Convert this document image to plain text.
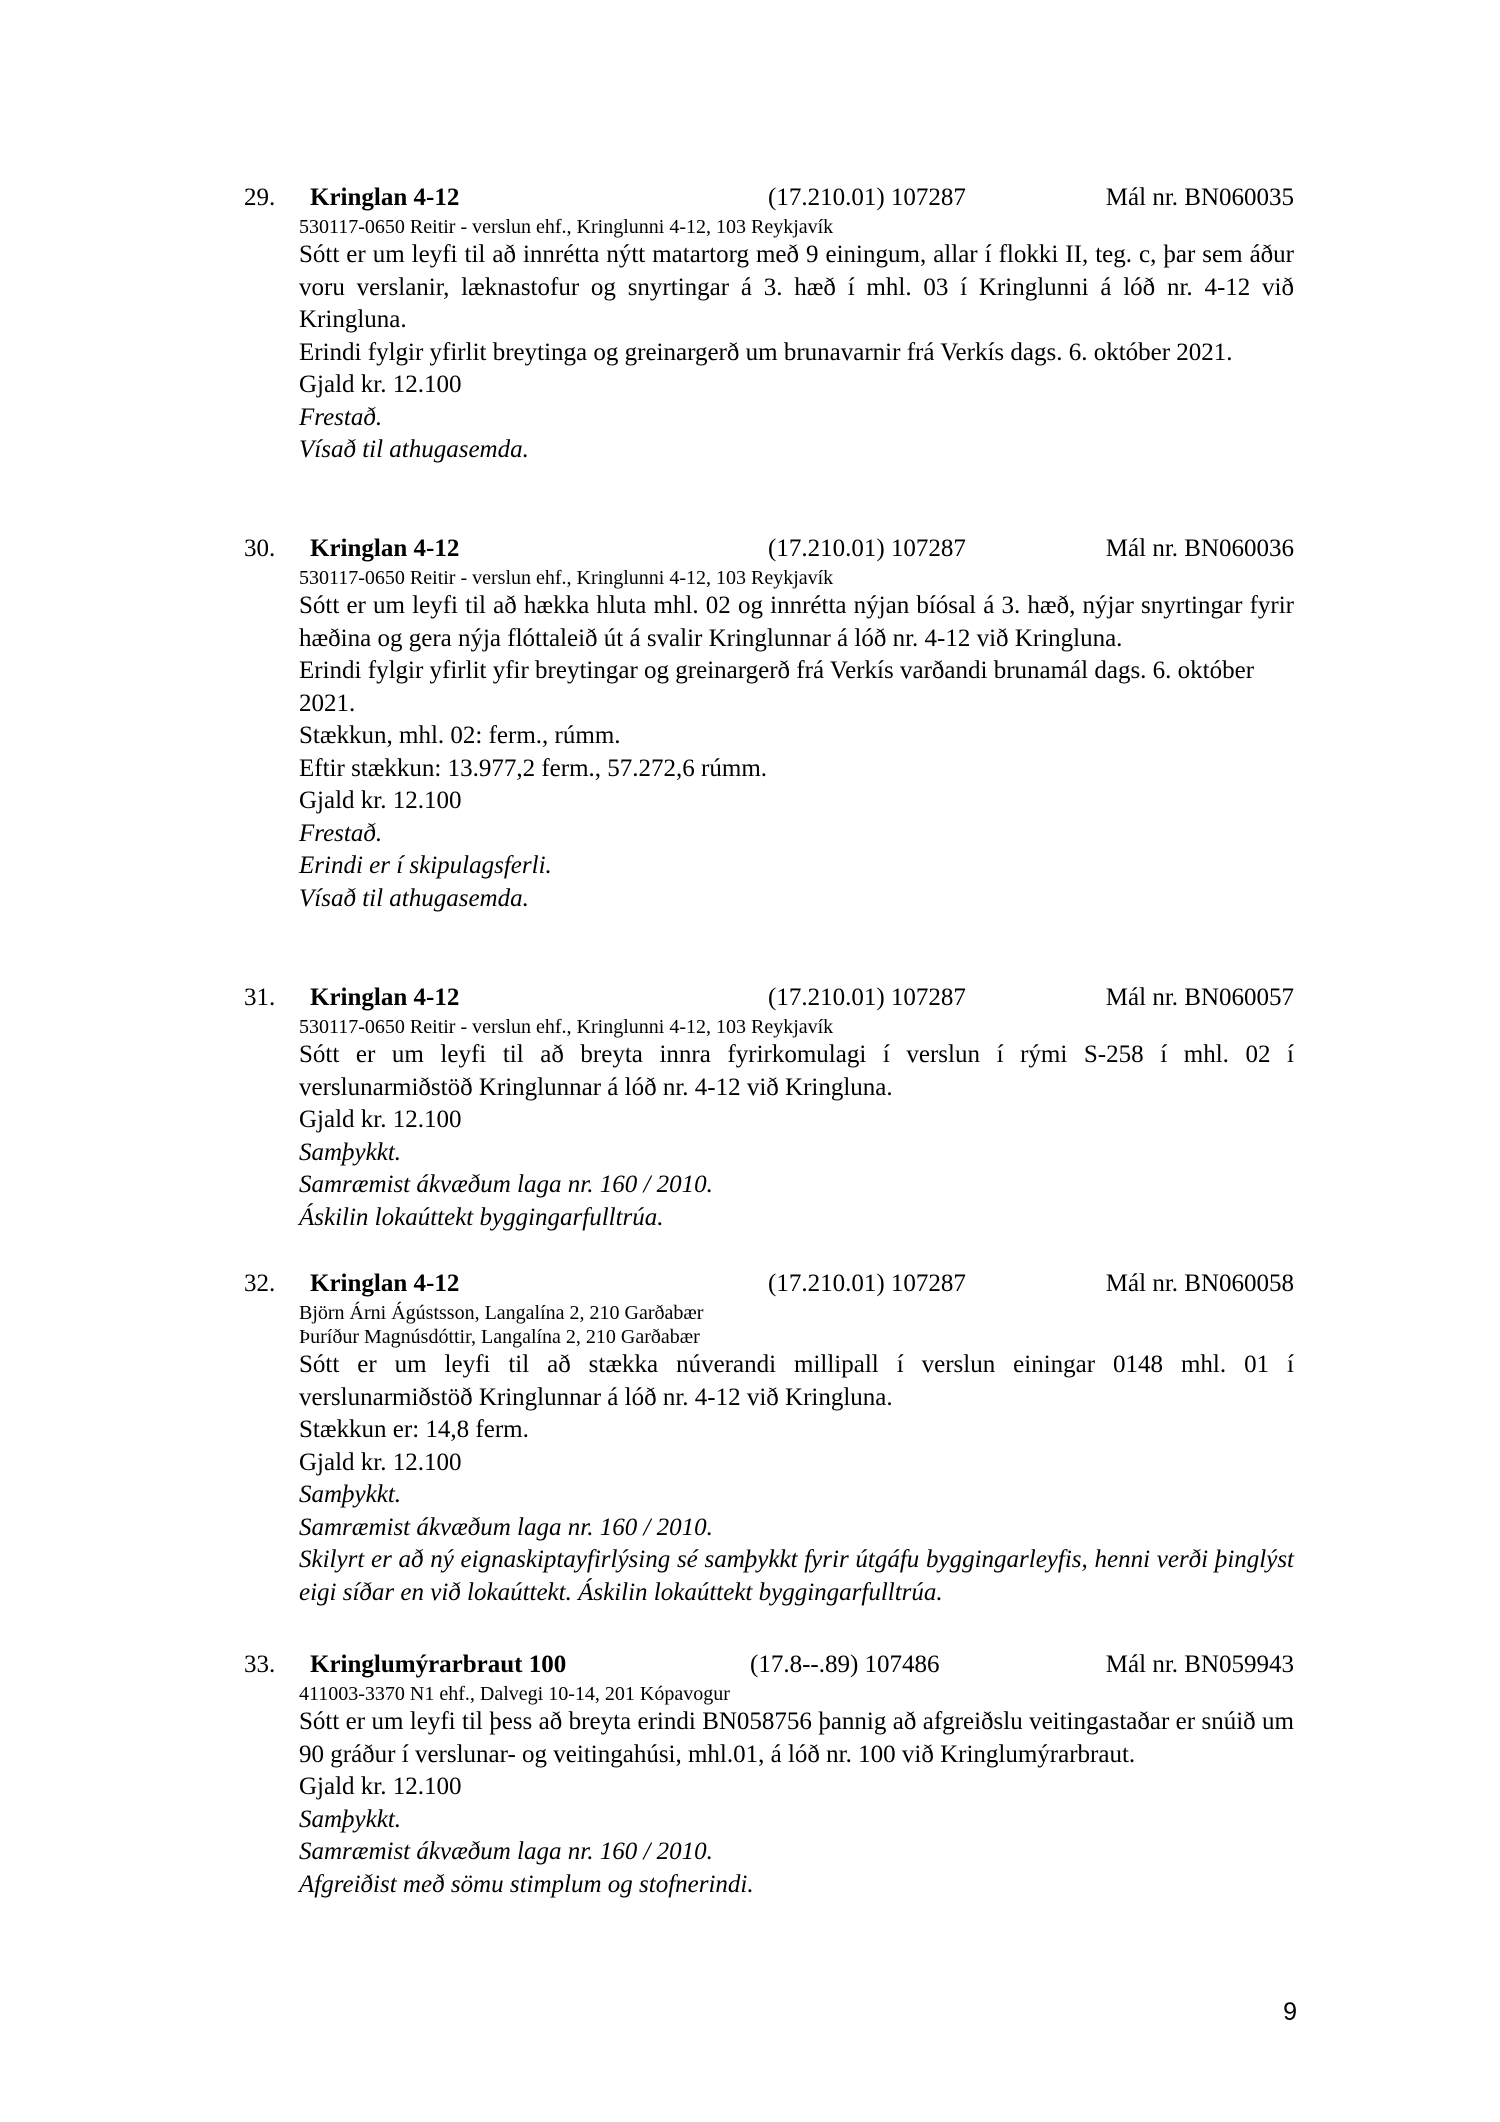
29. Kringlan 4-12	(17.210.01) 107287	Mál nr. BN060035
530117-0650 Reitir - verslun ehf., Kringlunni 4-12, 103 Reykjavík
Sótt er um leyfi til að innrétta nýtt matartorg með 9 einingum, allar í flokki II, teg. c, þar sem áður voru verslanir, læknastofur og snyrtingar á 3. hæð í mhl. 03 í Kringlunni á lóð nr. 4-12 við Kringluna.
Erindi fylgir yfirlit breytinga og greinargerð um brunavarnir frá Verkís dags. 6. október 2021.
Gjald kr. 12.100
Frestað.
Vísað til athugasemda.
30. Kringlan 4-12	(17.210.01) 107287	Mál nr. BN060036
530117-0650 Reitir - verslun ehf., Kringlunni 4-12, 103 Reykjavík
Sótt er um leyfi til að hækka hluta mhl. 02 og innrétta nýjan bíósal á 3. hæð, nýjar snyrtingar fyrir hæðina og gera nýja flóttaleið út á svalir Kringlunnar á lóð nr. 4-12 við Kringluna.
Erindi fylgir yfirlit yfir breytingar og greinargerð frá Verkís varðandi brunamál dags. 6. október 2021.
Stækkun, mhl. 02: ferm., rúmm.
Eftir stækkun: 13.977,2 ferm., 57.272,6 rúmm.
Gjald kr. 12.100
Frestað.
Erindi er í skipulagsferli.
Vísað til athugasemda.
31. Kringlan 4-12	(17.210.01) 107287	Mál nr. BN060057
530117-0650 Reitir - verslun ehf., Kringlunni 4-12, 103 Reykjavík
Sótt er um leyfi til að breyta innra fyrirkomulagi í verslun í rými S-258 í mhl. 02 í verslunarmiðstöð Kringlunnar á lóð nr. 4-12 við Kringluna.
Gjald kr. 12.100
Samþykkt.
Samræmist ákvæðum laga nr. 160 / 2010.
Áskilin lokaúttekt byggingarfulltrúa.
32. Kringlan 4-12	(17.210.01) 107287	Mál nr. BN060058
Björn Árni Ágústsson, Langalína 2, 210 Garðabær
Þuríður Magnúsdóttir, Langalína 2, 210 Garðabær
Sótt er um leyfi til að stækka núverandi millipall í verslun einingar 0148 mhl. 01 í verslunarmiðstöð Kringlunnar á lóð nr. 4-12 við Kringluna.
Stækkun er: 14,8 ferm.
Gjald kr. 12.100
Samþykkt.
Samræmist ákvæðum laga nr. 160 / 2010.
Skilyrt er að ný eignaskiptayfirlýsing sé samþykkt fyrir útgáfu byggingarleyfis, henni verði þinglýst eigi síðar en við lokaúttekt. Áskilin lokaúttekt byggingarfulltrúa.
33. Kringlumýrarbraut 100	(17.8--.89) 107486	Mál nr. BN059943
411003-3370 N1 ehf., Dalvegi 10-14, 201 Kópavogur
Sótt er um leyfi til þess að breyta erindi BN058756 þannig að afgreiðslu veitingastaðar er snúið um 90 gráður í verslunar- og veitingahúsi, mhl.01, á lóð nr. 100 við Kringlumýrarbraut.
Gjald kr. 12.100
Samþykkt.
Samræmist ákvæðum laga nr. 160 / 2010.
Afgreiðist með sömu stimplum og stofnerindi.
9
